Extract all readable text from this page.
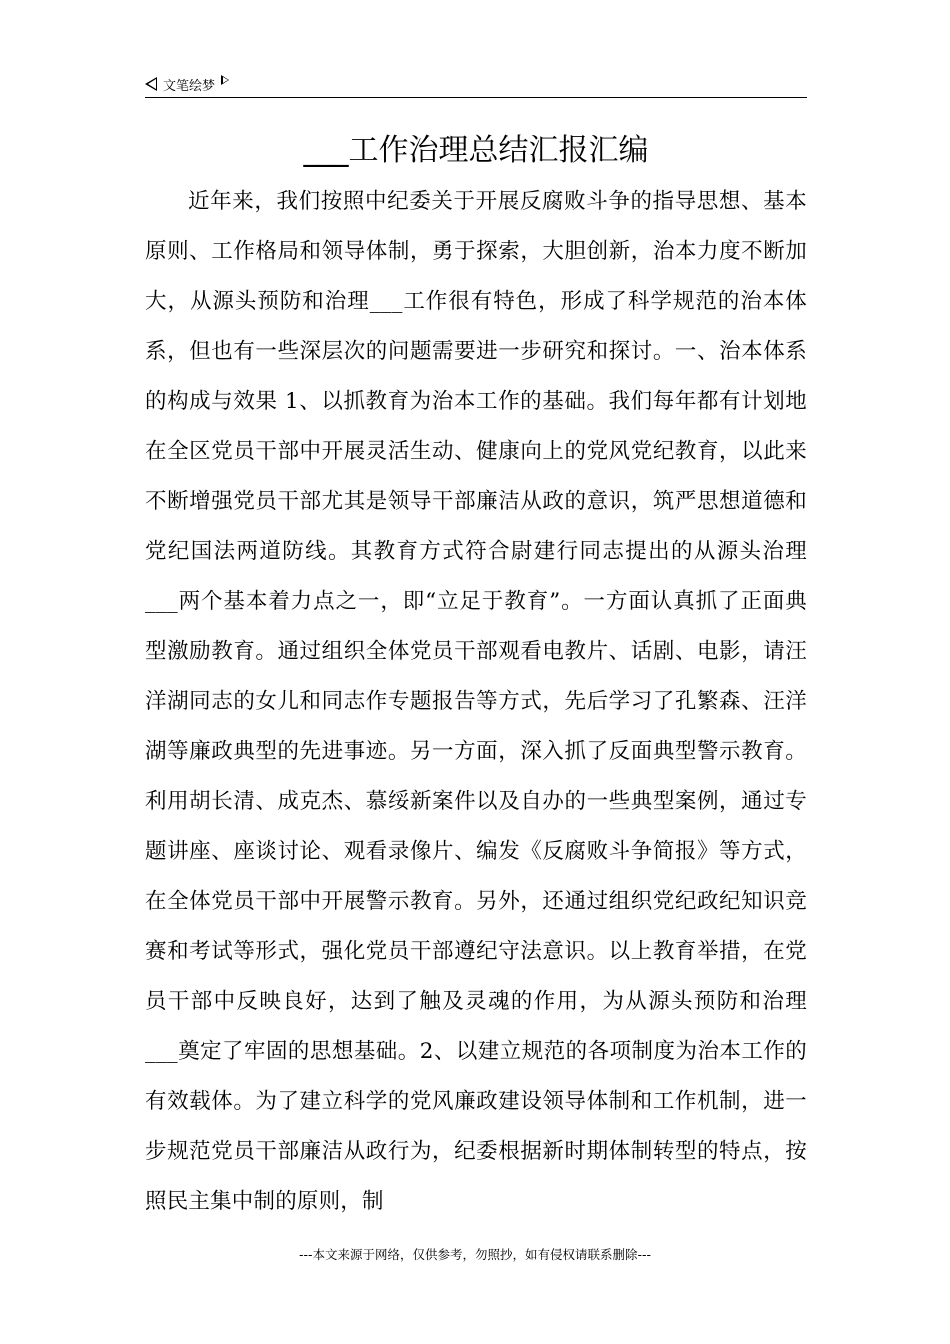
文笔绘梦
___工作治理总结汇报汇编

近年来，我们按照中纪委关于开展反腐败斗争的指导思想、基本原则、工作格局和领导体制，勇于探索，大胆创新，治本力度不断加大，从源头预防和治理___工作很有特色，形成了科学规范的治本体系，但也有一些深层次的问题需要进一步研究和探讨。一、治本体系的构成与效果 1、以抓教育为治本工作的基础。我们每年都有计划地在全区党员干部中开展灵活生动、健康向上的党风党纪教育，以此来不断增强党员干部尤其是领导干部廉洁从政的意识，筑严思想道德和党纪国法两道防线。其教育方式符合尉建行同志提出的从源头治理___两个基本着力点之一，即“立足于教育”。一方面认真抓了正面典型激励教育。通过组织全体党员干部观看电教片、话剧、电影，请汪洋湖同志的女儿和同志作专题报告等方式，先后学习了孔繁森、汪洋湖等廉政典型的先进事迹。另一方面，深入抓了反面典型警示教育。利用胡长清、成克杰、慕绥新案件以及自办的一些典型案例，通过专题讲座、座谈讨论、观看录像片、编发《反腐败斗争简报》等方式，在全体党员干部中开展警示教育。另外，还通过组织党纪政纪知识竞赛和考试等形式，强化党员干部遵纪守法意识。以上教育举措，在党员干部中反映良好，达到了触及灵魂的作用，为从源头预防和治理___奠定了牢固的思想基础。2、以建立规范的各项制度为治本工作的有效载体。为了建立科学的党风廉政建设领导体制和工作机制，进一步规范党员干部廉洁从政行为，纪委根据新时期体制转型的特点，按照民主集中制的原则，制

---本文来源于网络，仅供参考，勿照抄，如有侵权请联系删除---
